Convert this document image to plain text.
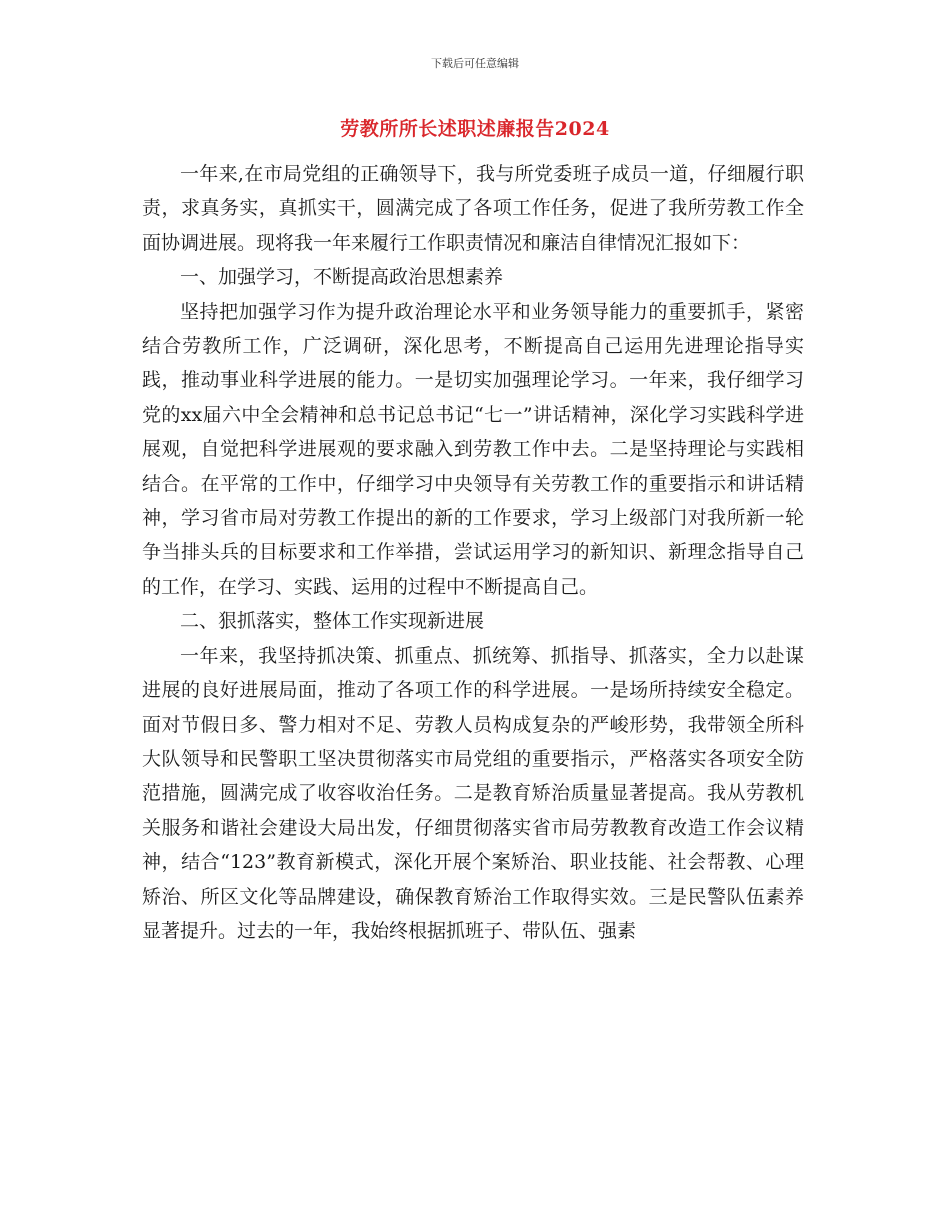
下载后可任意编辑
劳教所所长述职述廉报告2024

一年来,在市局党组的正确领导下，我与所党委班子成员一道，仔细履行职责，求真务实，真抓实干，圆满完成了各项工作任务，促进了我所劳教工作全面协调进展。现将我一年来履行工作职责情况和廉洁自律情况汇报如下：

一、加强学习，不断提高政治思想素养

坚持把加强学习作为提升政治理论水平和业务领导能力的重要抓手，紧密结合劳教所工作，广泛调研，深化思考，不断提高自己运用先进理论指导实践，推动事业科学进展的能力。一是切实加强理论学习。一年来，我仔细学习党的xx届六中全会精神和总书记总书记“七一”讲话精神，深化学习实践科学进展观，自觉把科学进展观的要求融入到劳教工作中去。二是坚持理论与实践相结合。在平常的工作中，仔细学习中央领导有关劳教工作的重要指示和讲话精神，学习省市局对劳教工作提出的新的工作要求，学习上级部门对我所新一轮争当排头兵的目标要求和工作举措，尝试运用学习的新知识、新理念指导自己的工作，在学习、实践、运用的过程中不断提高自己。

二、狠抓落实，整体工作实现新进展

一年来，我坚持抓决策、抓重点、抓统筹、抓指导、抓落实，全力以赴谋进展的良好进展局面，推动了各项工作的科学进展。一是场所持续安全稳定。面对节假日多、警力相对不足、劳教人员构成复杂的严峻形势，我带领全所科大队领导和民警职工坚决贯彻落实市局党组的重要指示，严格落实各项安全防范措施，圆满完成了收容收治任务。二是教育矫治质量显著提高。我从劳教机关服务和谐社会建设大局出发，仔细贯彻落实省市局劳教教育改造工作会议精神，结合“123”教育新模式，深化开展个案矫治、职业技能、社会帮教、心理矫治、所区文化等品牌建设，确保教育矫治工作取得实效。三是民警队伍素养显著提升。过去的一年，我始终根据抓班子、带队伍、强素
